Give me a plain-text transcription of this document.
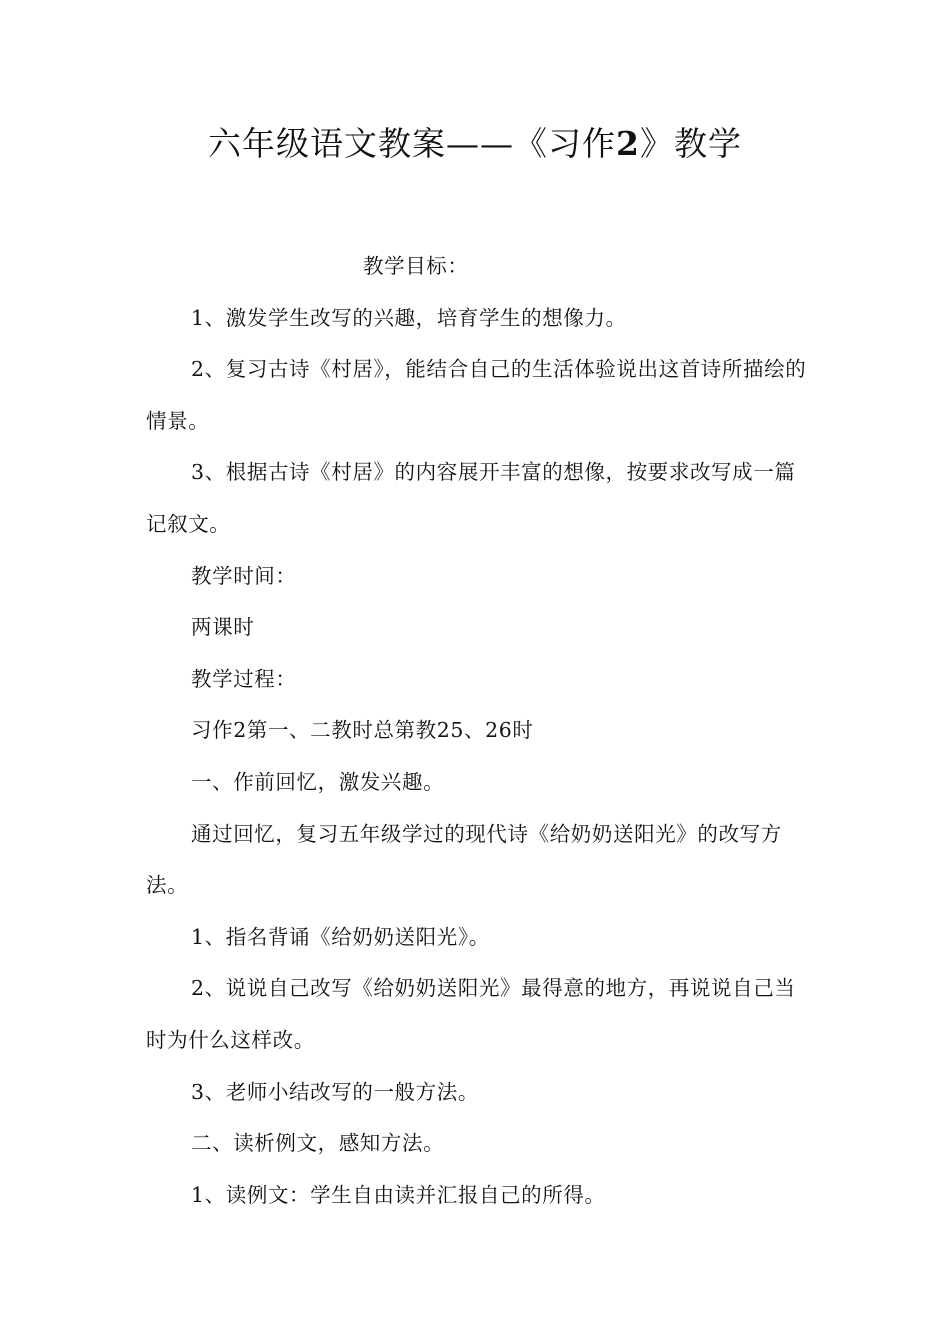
六年级语文教案——《习作2》教学

教学目标：

1、激发学生改写的兴趣，培育学生的想像力。

2、复习古诗《村居》，能结合自己的生活体验说出这首诗所描绘的情景。

3、根据古诗《村居》的内容展开丰富的想像，按要求改写成一篇记叙文。

教学时间：

两课时

教学过程：

习作2第一、二教时总第教25、26时

一、作前回忆，激发兴趣。

通过回忆，复习五年级学过的现代诗《给奶奶送阳光》的改写方法。

1、指名背诵《给奶奶送阳光》。

2、说说自己改写《给奶奶送阳光》最得意的地方，再说说自己当时为什么这样改。

3、老师小结改写的一般方法。

二、读析例文，感知方法。

1、读例文：学生自由读并汇报自己的所得。
